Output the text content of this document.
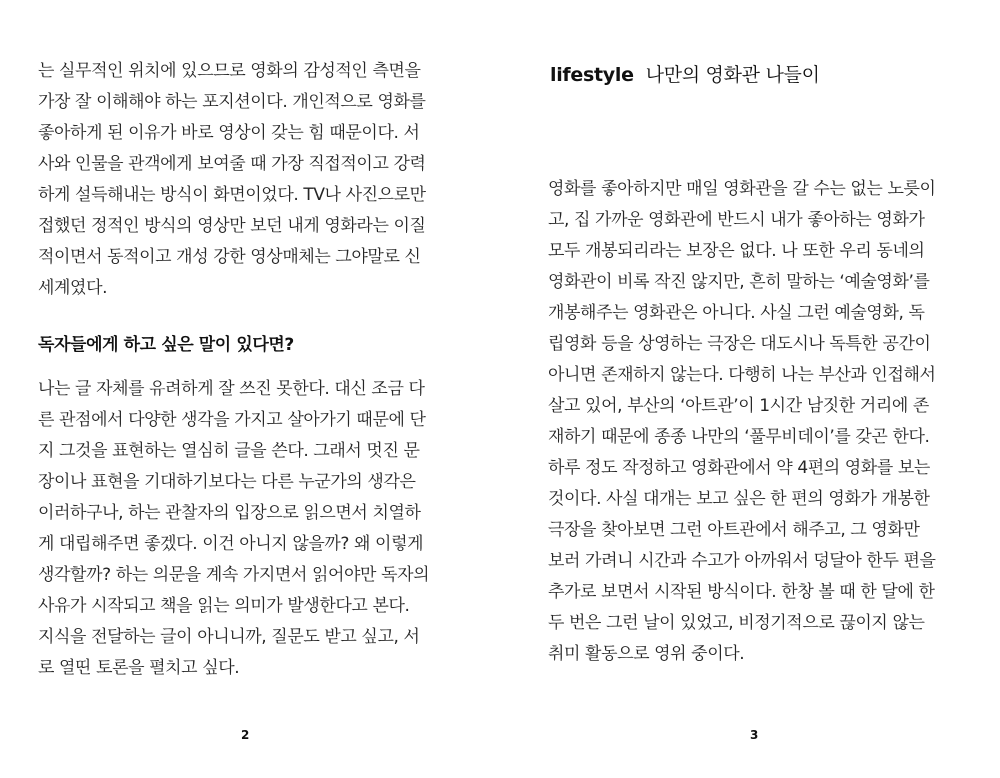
는 실무적인 위치에 있으므로 영화의 감성적인 측면을
가장 잘 이해해야 하는 포지션이다. 개인적으로 영화를
좋아하게 된 이유가 바로 영상이 갖는 힘 때문이다. 서
사와 인물을 관객에게 보여줄 때 가장 직접적이고 강력
하게 설득해내는 방식이 화면이었다. TV나 사진으로만
접했던 정적인 방식의 영상만 보던 내게 영화라는 이질
적이면서 동적이고 개성 강한 영상매체는 그야말로 신
세계였다.
독자들에게 하고 싶은 말이 있다면?
나는 글 자체를 유려하게 잘 쓰진 못한다. 대신 조금 다
른 관점에서 다양한 생각을 가지고 살아가기 때문에 단
지 그것을 표현하는 열심히 글을 쓴다. 그래서 멋진 문
장이나 표현을 기대하기보다는 다른 누군가의 생각은
이러하구나, 하는 관찰자의 입장으로 읽으면서 치열하
게 대립해주면 좋겠다. 이건 아니지 않을까? 왜 이렇게
생각할까? 하는 의문을 계속 가지면서 읽어야만 독자의
사유가 시작되고 책을 읽는 의미가 발생한다고 본다.
지식을 전달하는 글이 아니니까, 질문도 받고 싶고, 서
로 열띤 토론을 펼치고 싶다.
2
lifestyle 나만의 영화관 나들이
영화를 좋아하지만 매일 영화관을 갈 수는 없는 노릇이
고, 집 가까운 영화관에 반드시 내가 좋아하는 영화가
모두 개봉되리라는 보장은 없다. 나 또한 우리 동네의
영화관이 비록 작진 않지만, 흔히 말하는 ‘예술영화’를
개봉해주는 영화관은 아니다. 사실 그런 예술영화, 독
립영화 등을 상영하는 극장은 대도시나 독특한 공간이
아니면 존재하지 않는다. 다행히 나는 부산과 인접해서
살고 있어, 부산의 ‘아트관’이 1시간 남짓한 거리에 존
재하기 때문에 종종 나만의 ‘풀무비데이’를 갖곤 한다.
하루 정도 작정하고 영화관에서 약 4편의 영화를 보는
것이다. 사실 대개는 보고 싶은 한 편의 영화가 개봉한
극장을 찾아보면 그런 아트관에서 해주고, 그 영화만
보러 가려니 시간과 수고가 아까워서 덩달아 한두 편을
추가로 보면서 시작된 방식이다. 한창 볼 때 한 달에 한
두 번은 그런 날이 있었고, 비정기적으로 끊이지 않는
취미 활동으로 영위 중이다.
3
